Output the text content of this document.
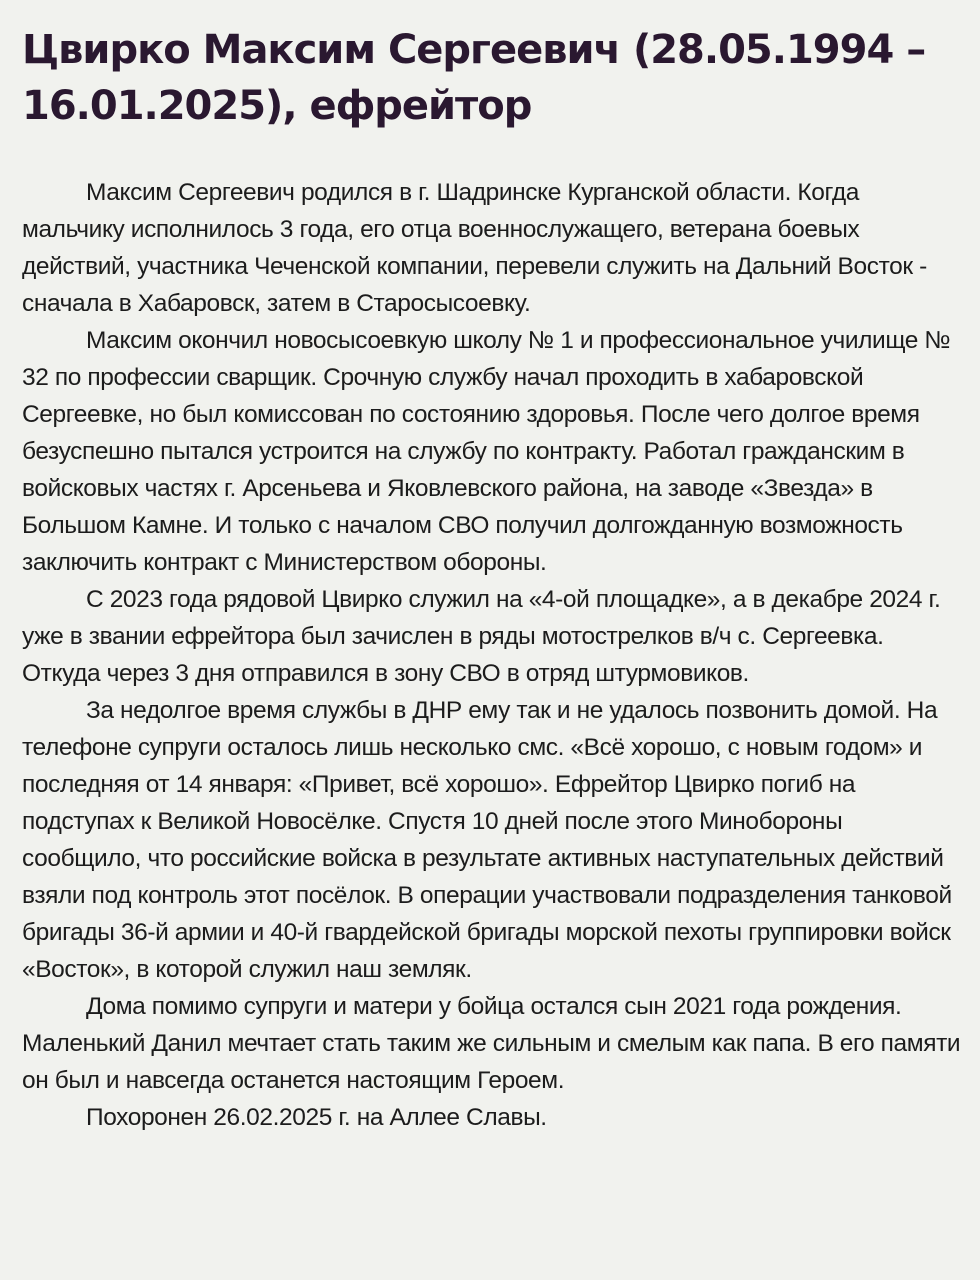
Цвирко Максим Сергеевич (28.05.1994 – 16.01.2025), ефрейтор

Максим Сергеевич родился в г. Шадринске Курганской области. Когда мальчику исполнилось 3 года, его отца военнослужащего, ветерана боевых действий, участника Чеченской компании, перевели служить на Дальний Восток - сначала в Хабаровск, затем в Старосысоевку.

Максим окончил новосысоевкую школу № 1 и профессиональное училище № 32 по профессии сварщик. Срочную службу начал проходить в хабаровской Сергеевке, но был комиссован по состоянию здоровья. После чего долгое время безуспешно пытался устроится на службу по контракту. Работал гражданским в войсковых частях г. Арсеньева и Яковлевского района, на заводе «Звезда» в Большом Камне. И только с началом СВО получил долгожданную возможность заключить контракт с Министерством обороны.

С 2023 года рядовой Цвирко служил на «4-ой площадке», а в декабре 2024 г. уже в звании ефрейтора был зачислен в ряды мотострелков в/ч с. Сергеевка. Откуда через 3 дня отправился в зону СВО в отряд штурмовиков.

За недолгое время службы в ДНР ему так и не удалось позвонить домой. На телефоне супруги осталось лишь несколько смс. «Всё хорошо, с новым годом» и последняя от 14 января: «Привет, всё хорошо». Ефрейтор Цвирко погиб на подступах к Великой Новосёлке. Спустя 10 дней после этого Минобороны сообщило, что российские войска в результате активных наступательных действий взяли под контроль этот посёлок. В операции участвовали подразделения танковой бригады 36-й армии и 40-й гвардейской бригады морской пехоты группировки войск «Восток», в которой служил наш земляк.

Дома помимо супруги и матери у бойца остался сын 2021 года рождения. Маленький Данил мечтает стать таким же сильным и смелым как папа. В его памяти он был и навсегда останется настоящим Героем.

Похоронен 26.02.2025 г. на Аллее Славы.
